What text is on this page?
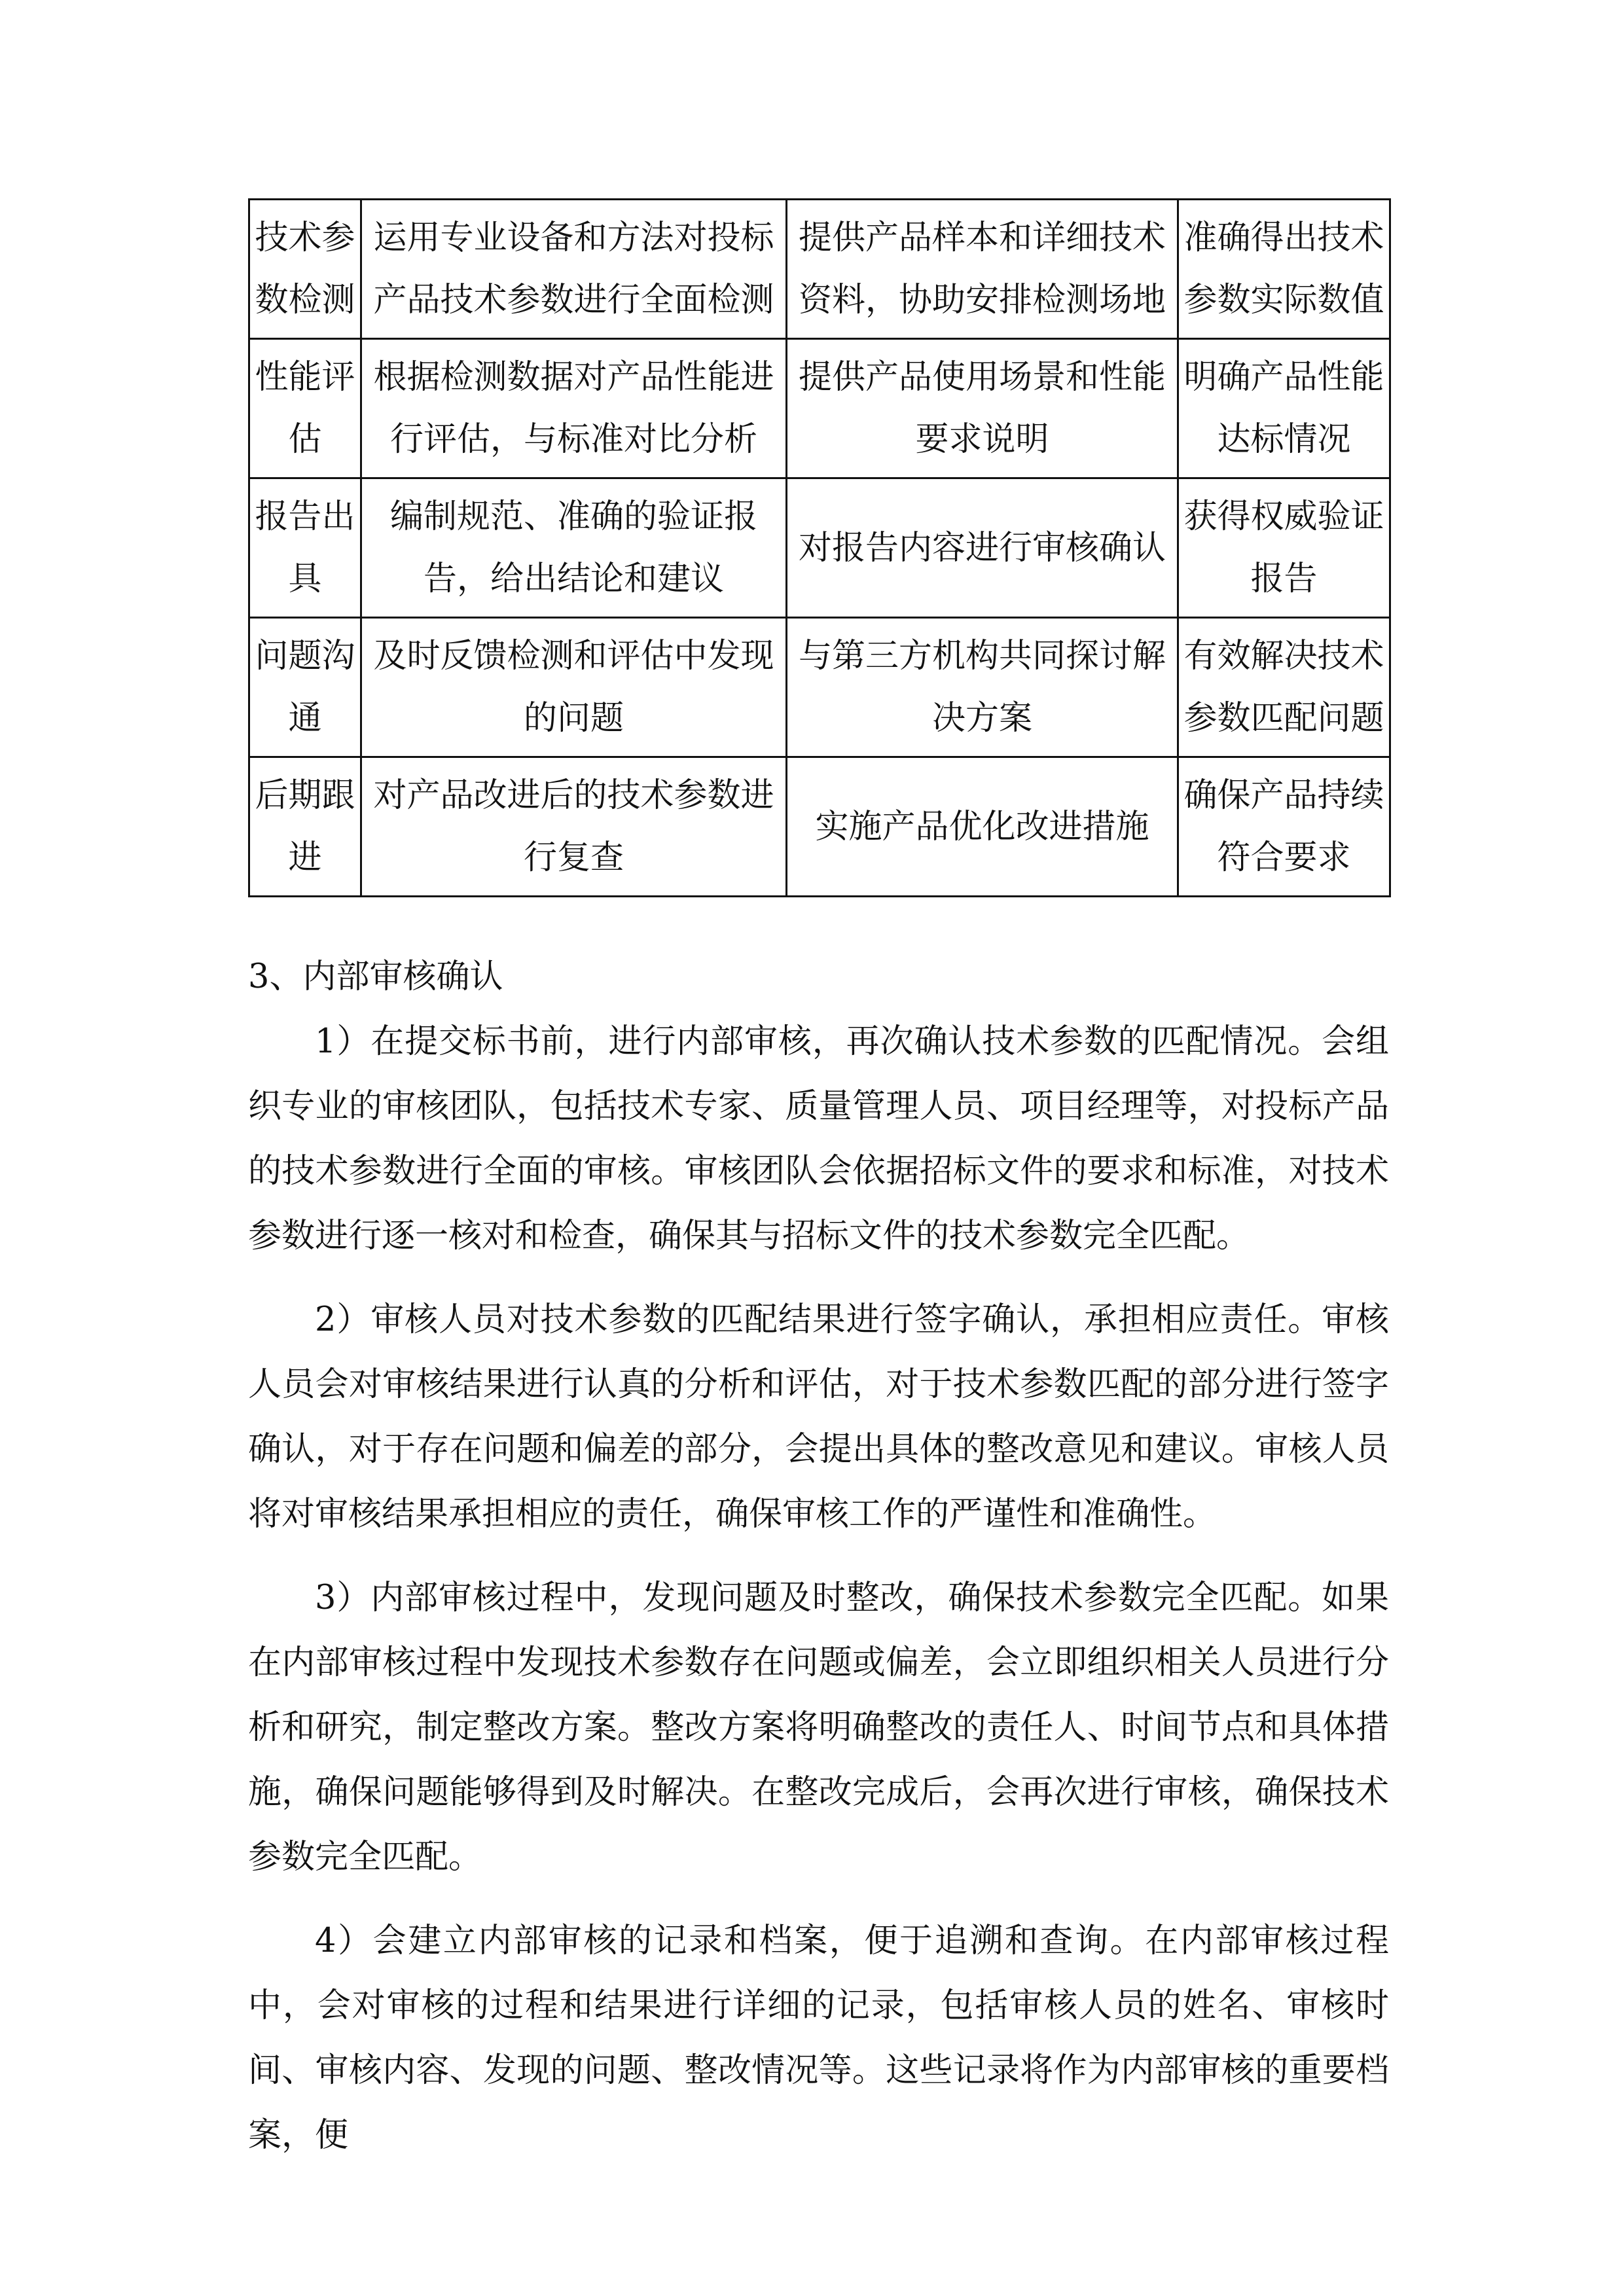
技术参数检测	运用专业设备和方法对投标产品技术参数进行全面检测	提供产品样本和详细技术资料，协助安排检测场地	准确得出技术参数实际数值
性能评估	根据检测数据对产品性能进行评估，与标准对比分析	提供产品使用场景和性能要求说明	明确产品性能达标情况
报告出具	编制规范、准确的验证报告，给出结论和建议	对报告内容进行审核确认	获得权威验证报告
问题沟通	及时反馈检测和评估中发现的问题	与第三方机构共同探讨解决方案	有效解决技术参数匹配问题
后期跟进	对产品改进后的技术参数进行复查	实施产品优化改进措施	确保产品持续符合要求

3、内部审核确认

1）在提交标书前，进行内部审核，再次确认技术参数的匹配情况。会组织专业的审核团队，包括技术专家、质量管理人员、项目经理等，对投标产品的技术参数进行全面的审核。审核团队会依据招标文件的要求和标准，对技术参数进行逐一核对和检查，确保其与招标文件的技术参数完全匹配。

2）审核人员对技术参数的匹配结果进行签字确认，承担相应责任。审核人员会对审核结果进行认真的分析和评估，对于技术参数匹配的部分进行签字确认，对于存在问题和偏差的部分，会提出具体的整改意见和建议。审核人员将对审核结果承担相应的责任，确保审核工作的严谨性和准确性。

3）内部审核过程中，发现问题及时整改，确保技术参数完全匹配。如果在内部审核过程中发现技术参数存在问题或偏差，会立即组织相关人员进行分析和研究，制定整改方案。整改方案将明确整改的责任人、时间节点和具体措施，确保问题能够得到及时解决。在整改完成后，会再次进行审核，确保技术参数完全匹配。

4）会建立内部审核的记录和档案，便于追溯和查询。在内部审核过程中，会对审核的过程和结果进行详细的记录，包括审核人员的姓名、审核时间、审核内容、发现的问题、整改情况等。这些记录将作为内部审核的重要档案，便
